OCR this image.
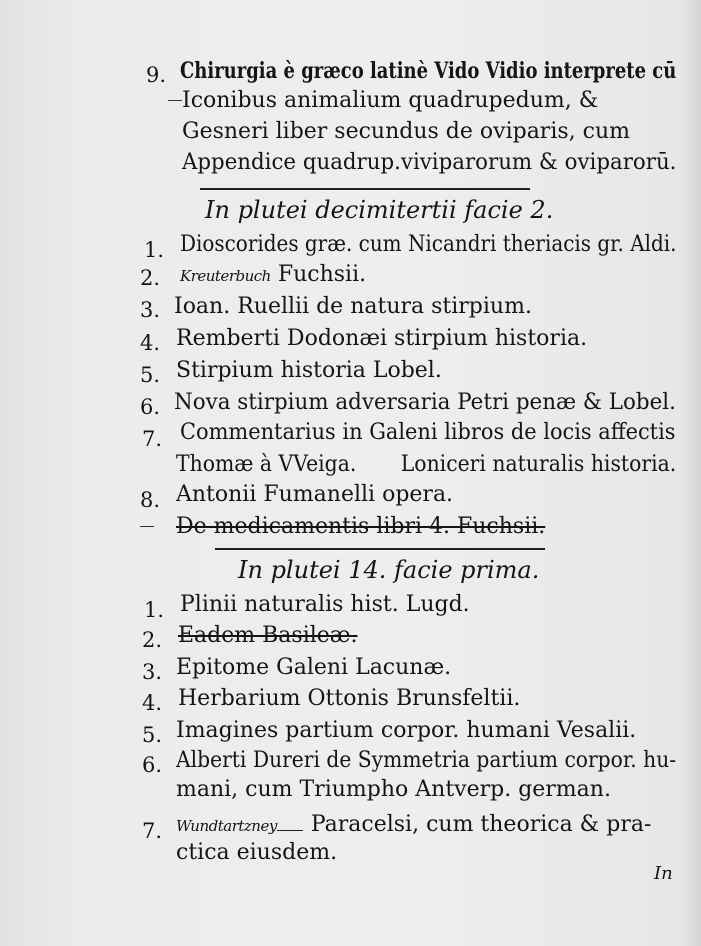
9. Chirurgia è græco latinè Vido Vidio interprete cū
Iconibus animalium quadrupedum, &
Gesneri liber secundus de oviparis, cum
Appendice quadrup.viviparorum & oviparorū.
In plutei decimitertii facie 2.
1. Dioscorides græ. cum Nicandri theriacis gr. Aldi.
2. Kreuterbuch Fuchsii.
3. Ioan. Ruellii de natura stirpium.
4. Remberti Dodonæi stirpium historia.
5. Stirpium historia Lobel.
6. Nova stirpium adversaria Petri penæ & Lobel.
7. Commentarius in Galeni libros de locis affectis
Thomæ à VVeiga. Loniceri naturalis historia.
8. Antonii Fumanelli opera.
De medicamentis libri 4. Fuchsii.
In plutei 14. facie prima.
1. Plinii naturalis hist. Lugd.
2. Eadem Basileæ.
3. Epitome Galeni Lacunæ.
4. Herbarium Ottonis Brunsfeltii.
5. Imagines partium corpor. humani Vesalii.
6. Alberti Dureri de Symmetria partium corpor. hu-
mani, cum Triumpho Antverp. german.
7. Wundtartzney Paracelsi, cum theorica & pra-
ctica eiusdem.
In
